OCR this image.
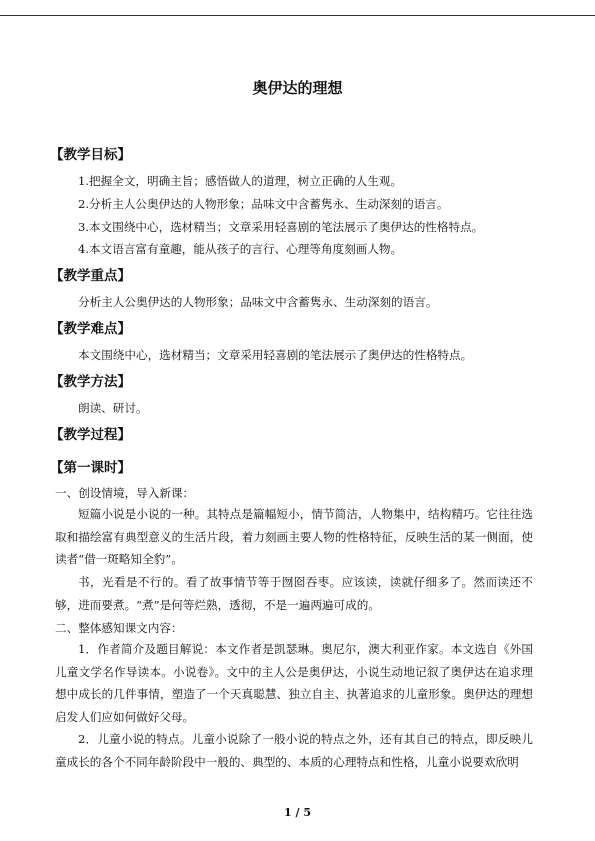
奥伊达的理想
【教学目标】
1.把握全文，明确主旨；感悟做人的道理，树立正确的人生观。
2.分析主人公奥伊达的人物形象；品味文中含蓄隽永、生动深刻的语言。
3.本文围绕中心，选材精当；文章采用轻喜剧的笔法展示了奥伊达的性格特点。
4.本文语言富有童趣，能从孩子的言行、心理等角度刻画人物。
【教学重点】
分析主人公奥伊达的人物形象；品味文中含蓄隽永、生动深刻的语言。
【教学难点】
本文围绕中心，选材精当；文章采用轻喜剧的笔法展示了奥伊达的性格特点。
【教学方法】
朗读、研讨。
【教学过程】
【第一课时】
一、创设情境，导入新课：
短篇小说是小说的一种。其特点是篇幅短小，情节简洁，人物集中，结构精巧。它往往选取和描绘富有典型意义的生活片段，着力刻画主要人物的性格特征，反映生活的某一侧面，使读者“借一斑略知全豹”。
书，光看是不行的。看了故事情节等于囫囵吞枣。应该读，读就仔细多了。然而读还不够，进而要煮。“煮”是何等烂熟，透彻，不是一遍两遍可成的。
二、整体感知课文内容：
1．作者简介及题目解说：本文作者是凯瑟琳。奥尼尔，澳大利亚作家。本文选自《外国儿童文学名作导读本。小说卷》。文中的主人公是奥伊达，小说生动地记叙了奥伊达在追求理想中成长的几件事情，塑造了一个天真聪慧、独立自主、执著追求的儿童形象。奥伊达的理想启发人们应如何做好父母。
2．儿童小说的特点。儿童小说除了一般小说的特点之外，还有其自己的特点，即反映儿童成长的各个不同年龄阶段中一般的、典型的、本质的心理特点和性格，儿童小说要欢欣明
1 / 5
